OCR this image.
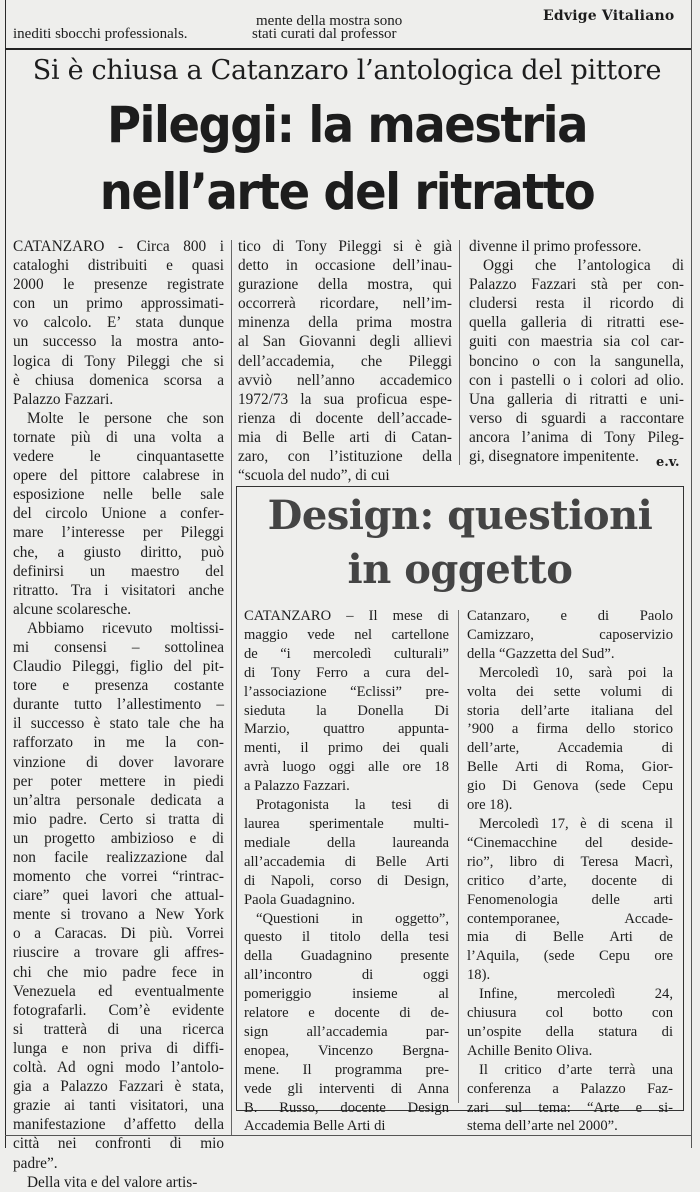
inediti sbocchi professionals.
mente della mostra sono
stati curati dal professor
Edvige Vitaliano
Si è chiusa a Catanzaro l’antologica del pittore
Pileggi: la maestria
nell’arte del ritratto
CATANZARO - Circa 800 i
cataloghi distribuiti e quasi
2000 le presenze registrate
con un primo approssimati-
vo calcolo. E’ stata dunque
un successo la mostra anto-
logica di Tony Pileggi che si
è chiusa domenica scorsa a
Palazzo Fazzari.
Molte le persone che son
tornate più di una volta a
vedere le cinquantasette
opere del pittore calabrese in
esposizione nelle belle sale
del circolo Unione a confer-
mare l’interesse per Pileggi
che, a giusto diritto, può
definirsi un maestro del
ritratto. Tra i visitatori anche
alcune scolaresche.
Abbiamo ricevuto moltissi-
mi consensi – sottolinea
Claudio Pileggi, figlio del pit-
tore e presenza costante
durante tutto l’allestimento –
il successo è stato tale che ha
rafforzato in me la con-
vinzione di dover lavorare
per poter mettere in piedi
un’altra personale dedicata a
mio padre. Certo si tratta di
un progetto ambizioso e di
non facile realizzazione dal
momento che vorrei “rintrac-
ciare” quei lavori che attual-
mente si trovano a New York
o a Caracas. Di più. Vorrei
riuscire a trovare gli affres-
chi che mio padre fece in
Venezuela ed eventualmente
fotografarli. Com’è evidente
si tratterà di una ricerca
lunga e non priva di diffi-
coltà. Ad ogni modo l’antolo-
gia a Palazzo Fazzari è stata,
grazie ai tanti visitatori, una
manifestazione d’affetto della
città nei confronti di mio
padre”.
Della vita e del valore artis-
tico di Tony Pileggi si è già
detto in occasione dell’inau-
gurazione della mostra, qui
occorrerà ricordare, nell’im-
minenza della prima mostra
al San Giovanni degli allievi
dell’accademia, che Pileggi
avviò nell’anno accademico
1972/73 la sua proficua espe-
rienza di docente dell’accade-
mia di Belle arti di Catan-
zaro, con l’istituzione della
“scuola del nudo”, di cui
divenne il primo professore.
Oggi che l’antologica di
Palazzo Fazzari stà per con-
cludersi resta il ricordo di
quella galleria di ritratti ese-
guiti con maestria sia col car-
boncino o con la sangunella,
con i pastelli o i colori ad olio.
Una galleria di ritratti e uni-
verso di sguardi a raccontare
ancora l’anima di Tony Pileg-
gi, disegnatore impenitente.	e.v.
Design: questioni
in oggetto
CATANZARO – Il mese di
maggio vede nel cartellone
de “i mercoledì culturali”
di Tony Ferro a cura del-
l’associazione “Eclissi” pre-
sieduta la Donella Di
Marzio, quattro appunta-
menti, il primo dei quali
avrà luogo oggi alle ore 18
a Palazzo Fazzari.
Protagonista la tesi di
laurea sperimentale multi-
mediale della laureanda
all’accademia di Belle Arti
di Napoli, corso di Design,
Paola Guadagnino.
“Questioni in oggetto”,
questo il titolo della tesi
della Guadagnino presente
all’incontro di oggi
pomeriggio insieme al
relatore e docente di de-
sign all’accademia par-
enopea, Vincenzo Bergna-
mene. Il programma pre-
vede gli interventi di Anna
B. Russo, docente Design
Accademia Belle Arti di
Catanzaro, e di Paolo
Camizzaro, caposervizio
della “Gazzetta del Sud”.
Mercoledì 10, sarà poi la
volta dei sette volumi di
storia dell’arte italiana del
’900 a firma dello storico
dell’arte, Accademia di
Belle Arti di Roma, Gior-
gio Di Genova (sede Cepu
ore 18).
Mercoledì 17, è di scena il
“Cinemacchine del deside-
rio”, libro di Teresa Macrì,
critico d’arte, docente di
Fenomenologia delle arti
contemporanee, Accade-
mia di Belle Arti de
l’Aquila, (sede Cepu ore
18).
Infine, mercoledì 24,
chiusura col botto con
un’ospite della statura di
Achille Benito Oliva.
Il critico d’arte terrà una
conferenza a Palazzo Faz-
zari sul tema: “Arte e si-
stema dell’arte nel 2000”.
